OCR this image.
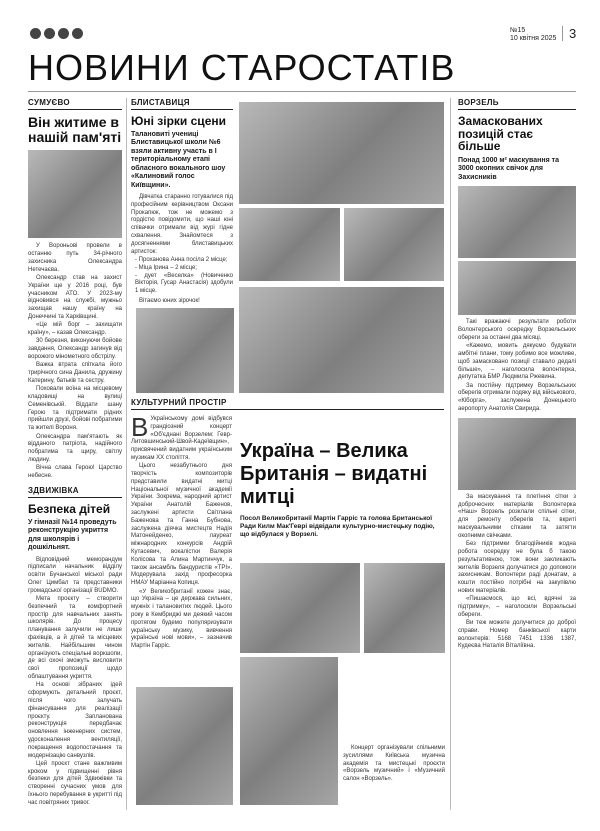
№15
10 квітня 2025 3
НОВИНИ СТАРОСТАТІВ
СУМУЄВО
Він житиме в нашій пам'яті

У Вороньові провели в останню путь 34-річного захисника Олександра Нетечаєва.

Олександр став на захист України ще у 2016 році, був учасником АТО. У 2023-му відновився на службі, мужньо захищав нашу країну на Донеччині та Харківщині.

«Це мій борг – захищати країну», – казав Олександр.

30 березня, виконуючи бойове завдання, Олександр загинув від ворожого мінометного обстрілу.

Важка втрата спіткала його трирічного сина Данила, дружину Катерину, батьків та сестру.

Поховали воїна на місцевому кладовищі на вулиці Семенівській. Віддати шану Герою та підтримати рідних прийшли друзі, бойові побратими та жителі Вороня.

Олександра пам'ятають як відданого патріота, надійного побратима та щиру, світлу людину.

Вічна слава Герою! Царство небесне.

ЗДВИЖІВКА
Безпека дітей
У гімназії №14 проведуть реконструкцію укриття для школярів і дошкільнят.

Відповідний меморандум підписали начальник відділу освіти Бучанської міської ради Олег Цимбал та представники громадської організації BUDMO.

Мета проєкту – створити безпечний та комфортний простір для навчальних занять школярів. До процесу планування залучили не лише фахівців, а й дітей та місцевих жителів. Найбільшим чином організують спеціальні воркшопи, де всі охочі зможуть висловити свої пропозиції щодо облаштування укриття.

На основі зібраних ідей сформують детальний проєкт, після чого залучать фінансування для реалізації проєкту. Запланована реконструкція передбачає оновлення інженерних систем, удосконалення вентиляції, покращення водопостачання та модернізацію санвузлів.

Цей проєкт стане важливим кроком у підвищенні рівня безпеки для дітей Здвижівки та створенні сучасних умов для їхнього перебування в укритті під час повітряних тривог.

БЛИСТАВИЦЯ
Юні зірки сцени
Талановиті учениці Блиставицької школи №6 взяли активну участь в І територіальному етапі обласного вокального шоу «Калиновий голос Київщини».

Дівчатка старанно готувалися під професійним керівництвом Оксани Прокапюк, тож не можемо з гордістю повідомити, що наші юні співачки отримали від журі гідне схвалення. Знайомтеся з досягненнями блиставицьких артисток:

- Проханова Анна посіла 2 місце;
- Міца Ірина – 2 місце;
- дует «Веселка» (Новиченко Вікторія, Гусар Анастасія) здобули 1 місце.

Вітаємо юних зірочок!

КУЛЬТУРНИЙ ПРОСТІР

В Українському домі відбувся грандіозний концерт «Об'єднані Ворзелем: Гевр-Литовшинський-Швой-Кадеївщин», присвячений видатним українським музикам XX століття.

Цього незабутнього дня творчість композиторів представили видатні митці Національної музичної академії України. Зокрема, народний артист України Анатолій Баженов, заслужені артисти Світлана Баженова та Ганна Бубнова, заслужена діячка мистецтв Надія Матонейденко, лауреат міжнародних конкурсів Андрій Кутасевич, вокалістки Валерія Колісова та Алина Мартинчук, а також ансамбль бандуристів «ТРІ». Модерувала захід професорка НМАУ Маріанна Копиця.

«У Великобританії кожен знає, що Україна – це держава сильних, мужніх і талановитих людей. Цього року в Кембриджі ми деякий часом протягом будемо популяризувати українську музику, вивчення українські нові мови», – зазначив Мартін Гарріс.

Україна – Велика Британія – видатні митці
Посол Великобританії Мартін Гарріс та голова Британської Ради Килм Мак'Геврі відвідали культурно-мистецьку подію, що відбулася у Ворзелі.

Концерт організували спільними зусиллями Київська музична академія та мистецькі проєкти «Ворзель музичний» і «Музичний салон «Ворзель».

ВОРЗЕЛЬ
Замаскованих позицій стає більше
Понад 1000 м² маскування та 3000 окопних свічок для Захисників

Такі вражаючі результати роботи Волонтерського осередку Ворзельських обереги за останні два місяці.

«Кажемо, мовить дякуємо будувати амбітні плани, тому робимо все можливе, щоб замасковано позиції ставало дедалі більше», – наголосила волонтерка, депутатка БМР Людмила Ржевина.

За постійну підтримку Ворзельських оберегів отримали подяку від військового, «Кіборга», заслужена Донецького аеропорту Анатолія Свирида.

За маскування та плетіння сітки з доброчесних матеріалів Волонтерка «Наш» Ворзель розклали спільні сітки, для ремонту оберегів та, вкриті маскувальними сітками та затягти окопними свічками.

Без підтримки благодійників жодна робота осередку не була б такою результативною, тож вони закликають жителів Ворзеля долучатися до допомоги захисникам. Волонтери раді донатам, а кошти постійно потрібні на закупівлю нових матеріалів.

«Пишаємося, що всі, вдячні за підтримку», – наголосили Ворзельські обереги.

Ви теж можете долучитися до доброї справи. Номер банківської карти волонтерів: 5168 7451 1336 1387, Кудеєва Наталія Віталіївна.
